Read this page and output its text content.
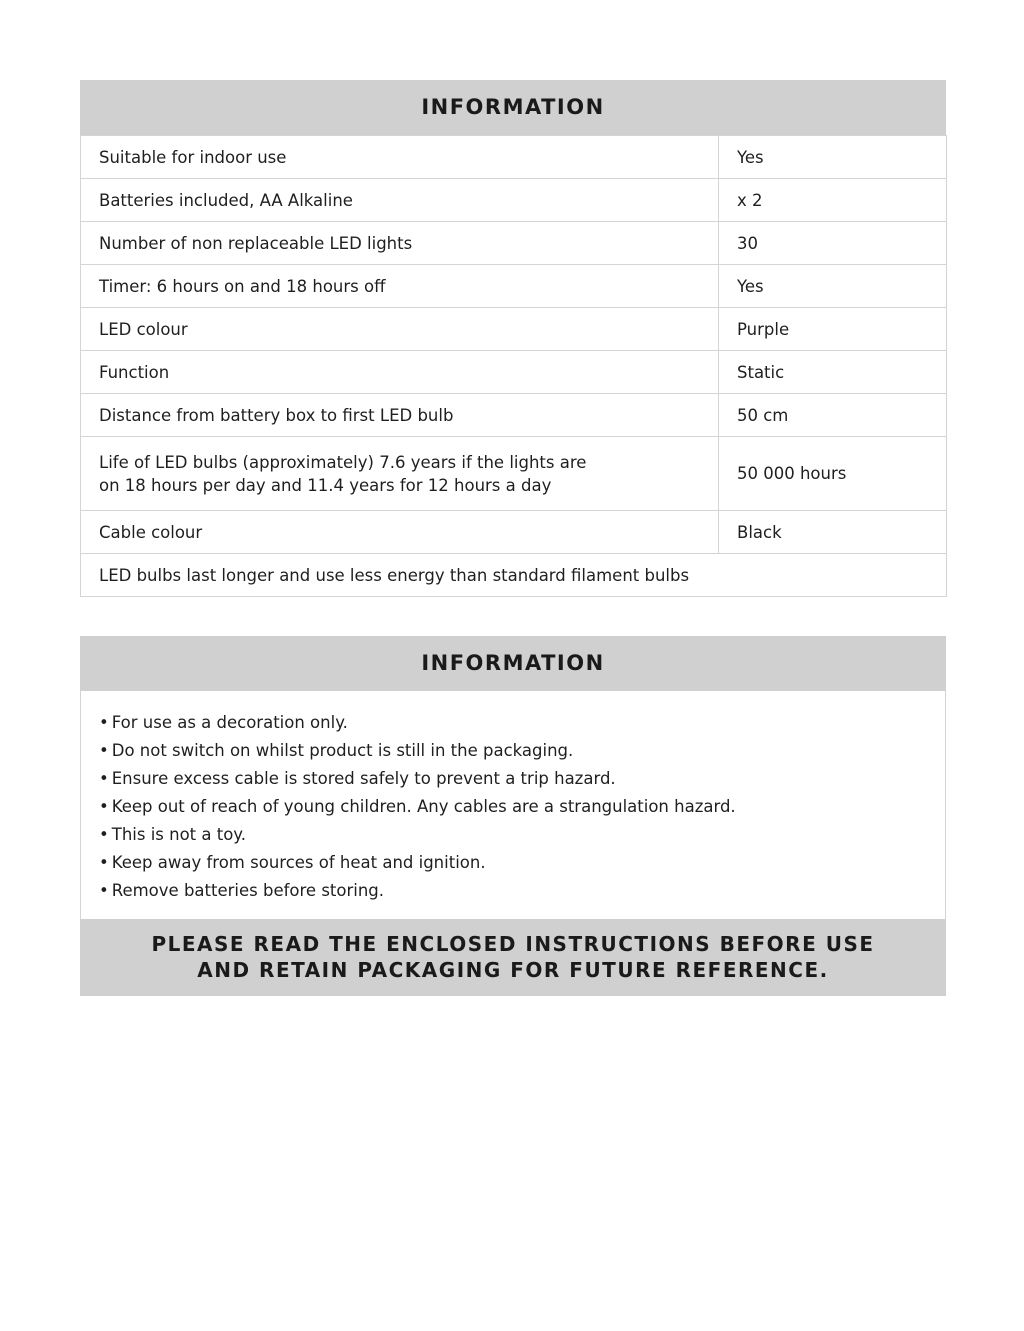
INFORMATION
Suitable for indoor use	Yes
Batteries included, AA Alkaline	x 2
Number of non replaceable LED lights	30
Timer: 6 hours on and 18 hours off	Yes
LED colour	Purple
Function	Static
Distance from battery box to first LED bulb	50 cm
Life of LED bulbs (approximately) 7.6 years if the lights are
on 18 hours per day and 11.4 years for 12 hours a day	50 000 hours
Cable colour	Black
LED bulbs last longer and use less energy than standard filament bulbs	
INFORMATION
• For use as a decoration only.
• Do not switch on whilst product is still in the packaging.
• Ensure excess cable is stored safely to prevent a trip hazard.
• Keep out of reach of young children. Any cables are a strangulation hazard.
• This is not a toy.
• Keep away from sources of heat and ignition.
• Remove batteries before storing.
PLEASE READ THE ENCLOSED INSTRUCTIONS BEFORE USE
AND RETAIN PACKAGING FOR FUTURE REFERENCE.
